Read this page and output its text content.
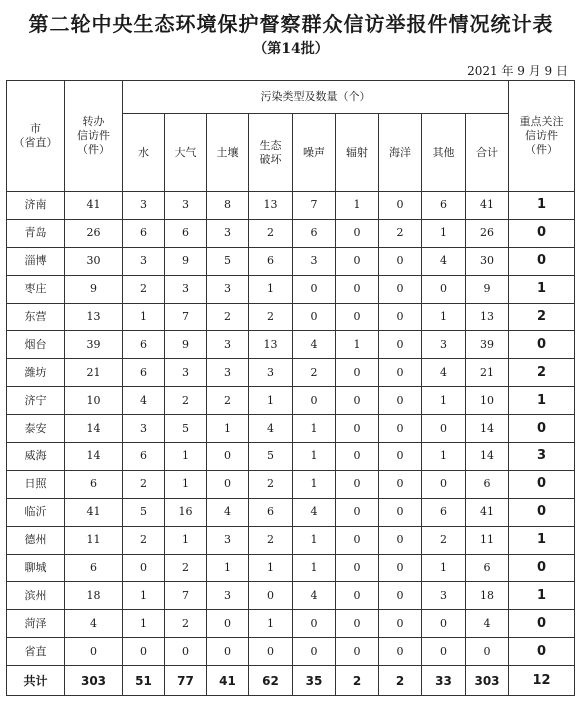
第二轮中央生态环境保护督察群众信访举报件情况统计表
（第14批）
2021 年 9 月 9 日
市
（省直）	转办
信访件
（件）	污染类型及数量（个）									重点关注
信访件
（件）
		水	大气	土壤	生态
破坏	噪声	辐射	海洋	其他	合计	
济南	41	3	3	8	13	7	1	0	6	41	1
青岛	26	6	6	3	2	6	0	2	1	26	0
淄博	30	3	9	5	6	3	0	0	4	30	0
枣庄	9	2	3	3	1	0	0	0	0	9	1
东营	13	1	7	2	2	0	0	0	1	13	2
烟台	39	6	9	3	13	4	1	0	3	39	0
潍坊	21	6	3	3	3	2	0	0	4	21	2
济宁	10	4	2	2	1	0	0	0	1	10	1
泰安	14	3	5	1	4	1	0	0	0	14	0
威海	14	6	1	0	5	1	0	0	1	14	3
日照	6	2	1	0	2	1	0	0	0	6	0
临沂	41	5	16	4	6	4	0	0	6	41	0
德州	11	2	1	3	2	1	0	0	2	11	1
聊城	6	0	2	1	1	1	0	0	1	6	0
滨州	18	1	7	3	0	4	0	0	3	18	1
菏泽	4	1	2	0	1	0	0	0	0	4	0
省直	0	0	0	0	0	0	0	0	0	0	0
共计	303	51	77	41	62	35	2	2	33	303	12
